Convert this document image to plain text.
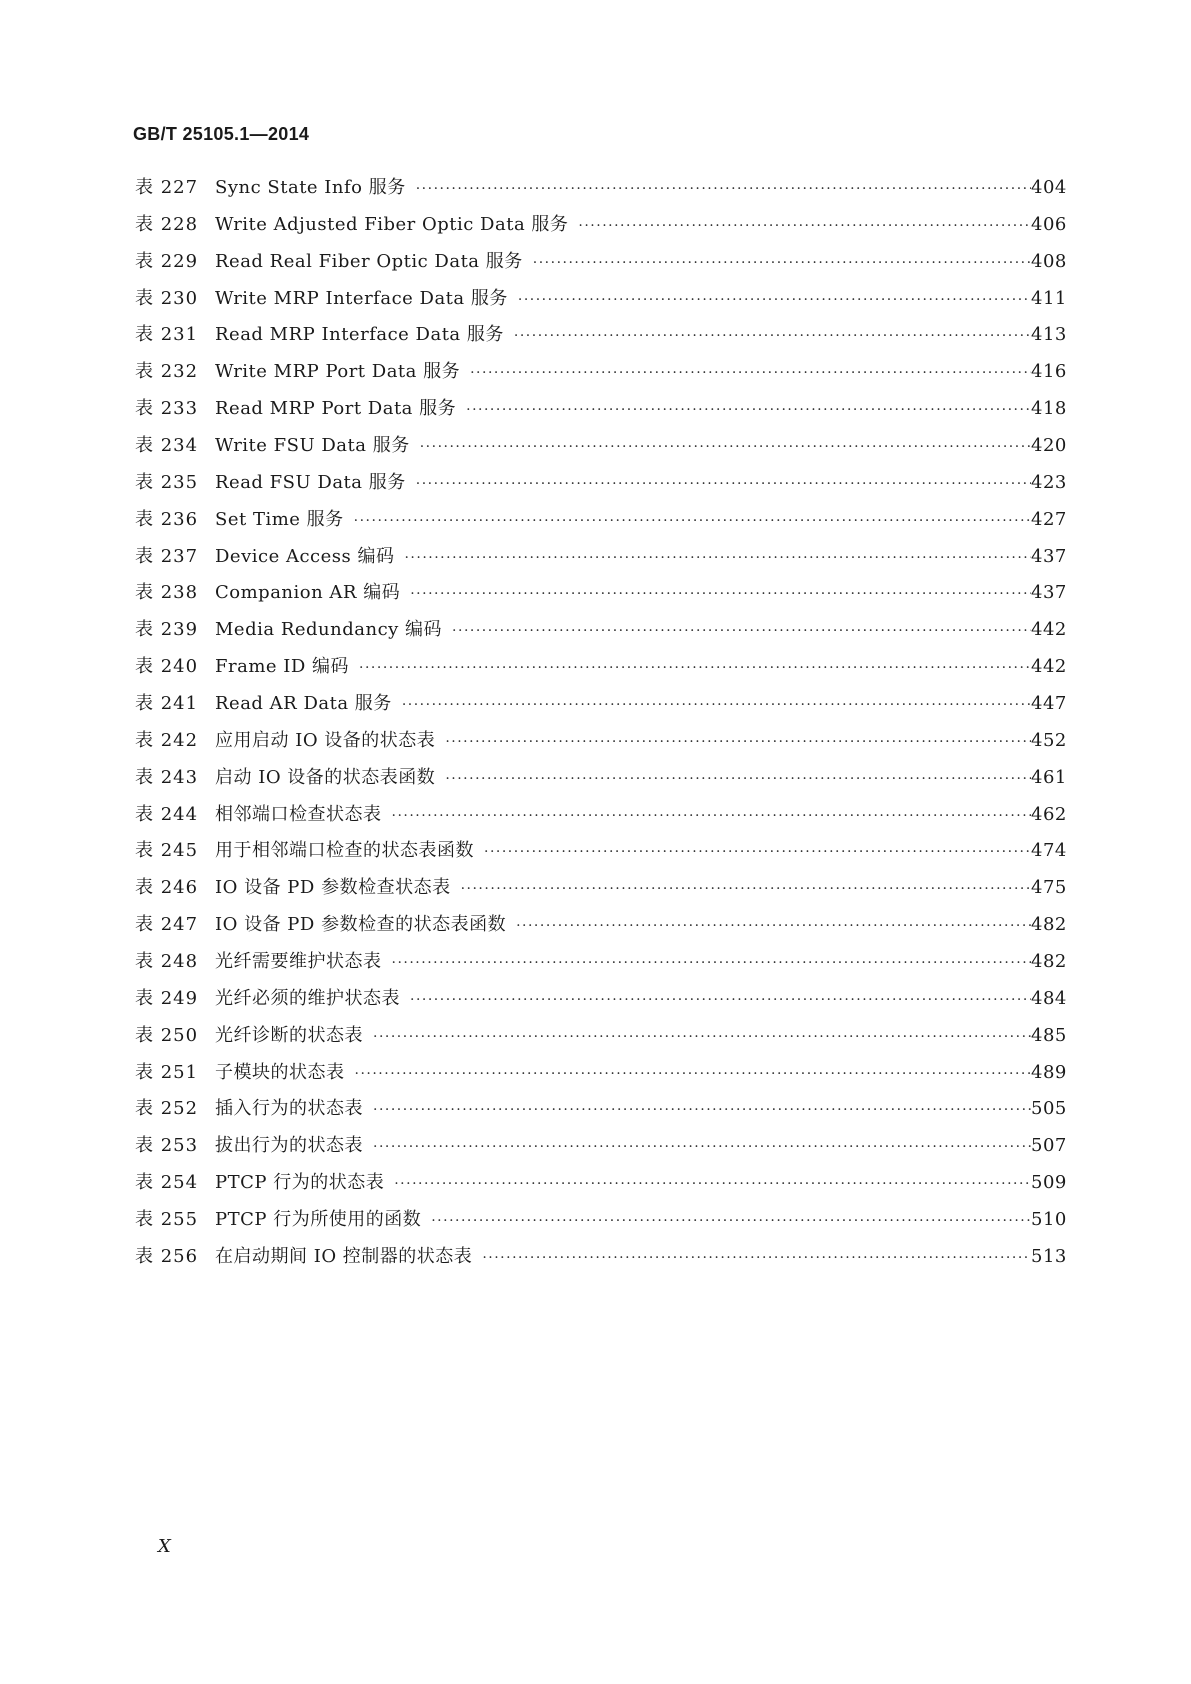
GB/T 25105.1—2014
表 227 Sync State Info 服务 ·····	404
表 228 Write Adjusted Fiber Optic Data 服务 ·····	406
表 229 Read Real Fiber Optic Data 服务 ·····	408
表 230 Write MRP Interface Data 服务 ·····	411
表 231 Read MRP Interface Data 服务 ·····	413
表 232 Write MRP Port Data 服务 ·····	416
表 233 Read MRP Port Data 服务 ·····	418
表 234 Write FSU Data 服务 ·····	420
表 235 Read FSU Data 服务 ·····	423
表 236 Set Time 服务 ·····	427
表 237 Device Access 编码 ·····	437
表 238 Companion AR 编码 ·····	437
表 239 Media Redundancy 编码 ·····	442
表 240 Frame ID 编码 ·····	442
表 241 Read AR Data 服务 ·····	447
表 242 应用启动 IO 设备的状态表 ·····	452
表 243 启动 IO 设备的状态表函数 ·····	461
表 244 相邻端口检查状态表 ·····	462
表 245 用于相邻端口检查的状态表函数 ·····	474
表 246 IO 设备 PD 参数检查状态表 ·····	475
表 247 IO 设备 PD 参数检查的状态表函数 ·····	482
表 248 光纤需要维护状态表 ·····	482
表 249 光纤必须的维护状态表 ·····	484
表 250 光纤诊断的状态表 ·····	485
表 251 子模块的状态表 ·····	489
表 252 插入行为的状态表 ·····	505
表 253 拔出行为的状态表 ·····	507
表 254 PTCP 行为的状态表 ·····	509
表 255 PTCP 行为所使用的函数 ·····	510
表 256 在启动期间 IO 控制器的状态表 ·····	513
X
